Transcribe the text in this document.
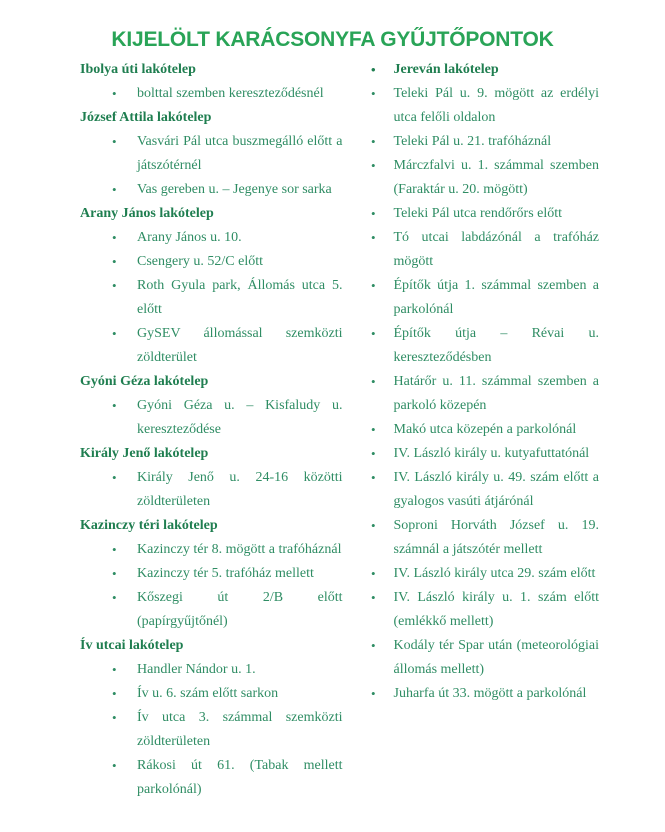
KIJELÖLT KARÁCSONYFA GYŰJTŐPONTOK
Ibolya úti lakótelep
• bolttal szemben kereszteződésnél
József Attila lakótelep
• Vasvári Pál utca buszmegálló előtt a játszótérnél
• Vas gereben u. – Jegenye sor sarka
Arany János lakótelep
• Arany János u. 10.
• Csengery u. 52/C előtt
• Roth Gyula park, Állomás utca 5. előtt
• GySEV állomással szemközti zöldterület
Gyóni Géza lakótelep
• Gyóni Géza u. – Kisfaludy u. kereszteződése
Király Jenő lakótelep
• Király Jenő u. 24-16 közötti zöldterületen
Kazinczy téri lakótelep
• Kazinczy tér 8. mögött a trafóháznál
• Kazinczy tér 5. trafóház mellett
• Kőszegi út 2/B előtt (papírgyűjtőnél)
Ív utcai lakótelep
• Handler Nándor u. 1.
• Ív u. 6. szám előtt sarkon
• Ív utca 3. számmal szemközti zöldterületen
• Rákosi út 61. (Tabak mellett parkolónál)
• Jereván lakótelep
• Teleki Pál u. 9. mögött az erdélyi utca felőli oldalon
• Teleki Pál u. 21. trafóháznál
• Márczfalvi u. 1. számmal szemben (Faraktár u. 20. mögött)
• Teleki Pál utca rendőrőrs előtt
• Tó utcai labdázónál a trafóház mögött
• Építők útja 1. számmal szemben a parkolónál
• Építők útja – Révai u. kereszteződésben
• Határőr u. 11. számmal szemben a parkoló közepén
• Makó utca közepén a parkolónál
• IV. László király u. kutyafuttatónál
• IV. László király u. 49. szám előtt a gyalogos vasúti átjárónál
• Soproni Horváth József u. 19. számnál a játszótér mellett
• IV. László király utca 29. szám előtt
• IV. László király u. 1. szám előtt (emlékkő mellett)
• Kodály tér Spar után (meteorológiai állomás mellett)
• Juharfa út 33. mögött a parkolónál
